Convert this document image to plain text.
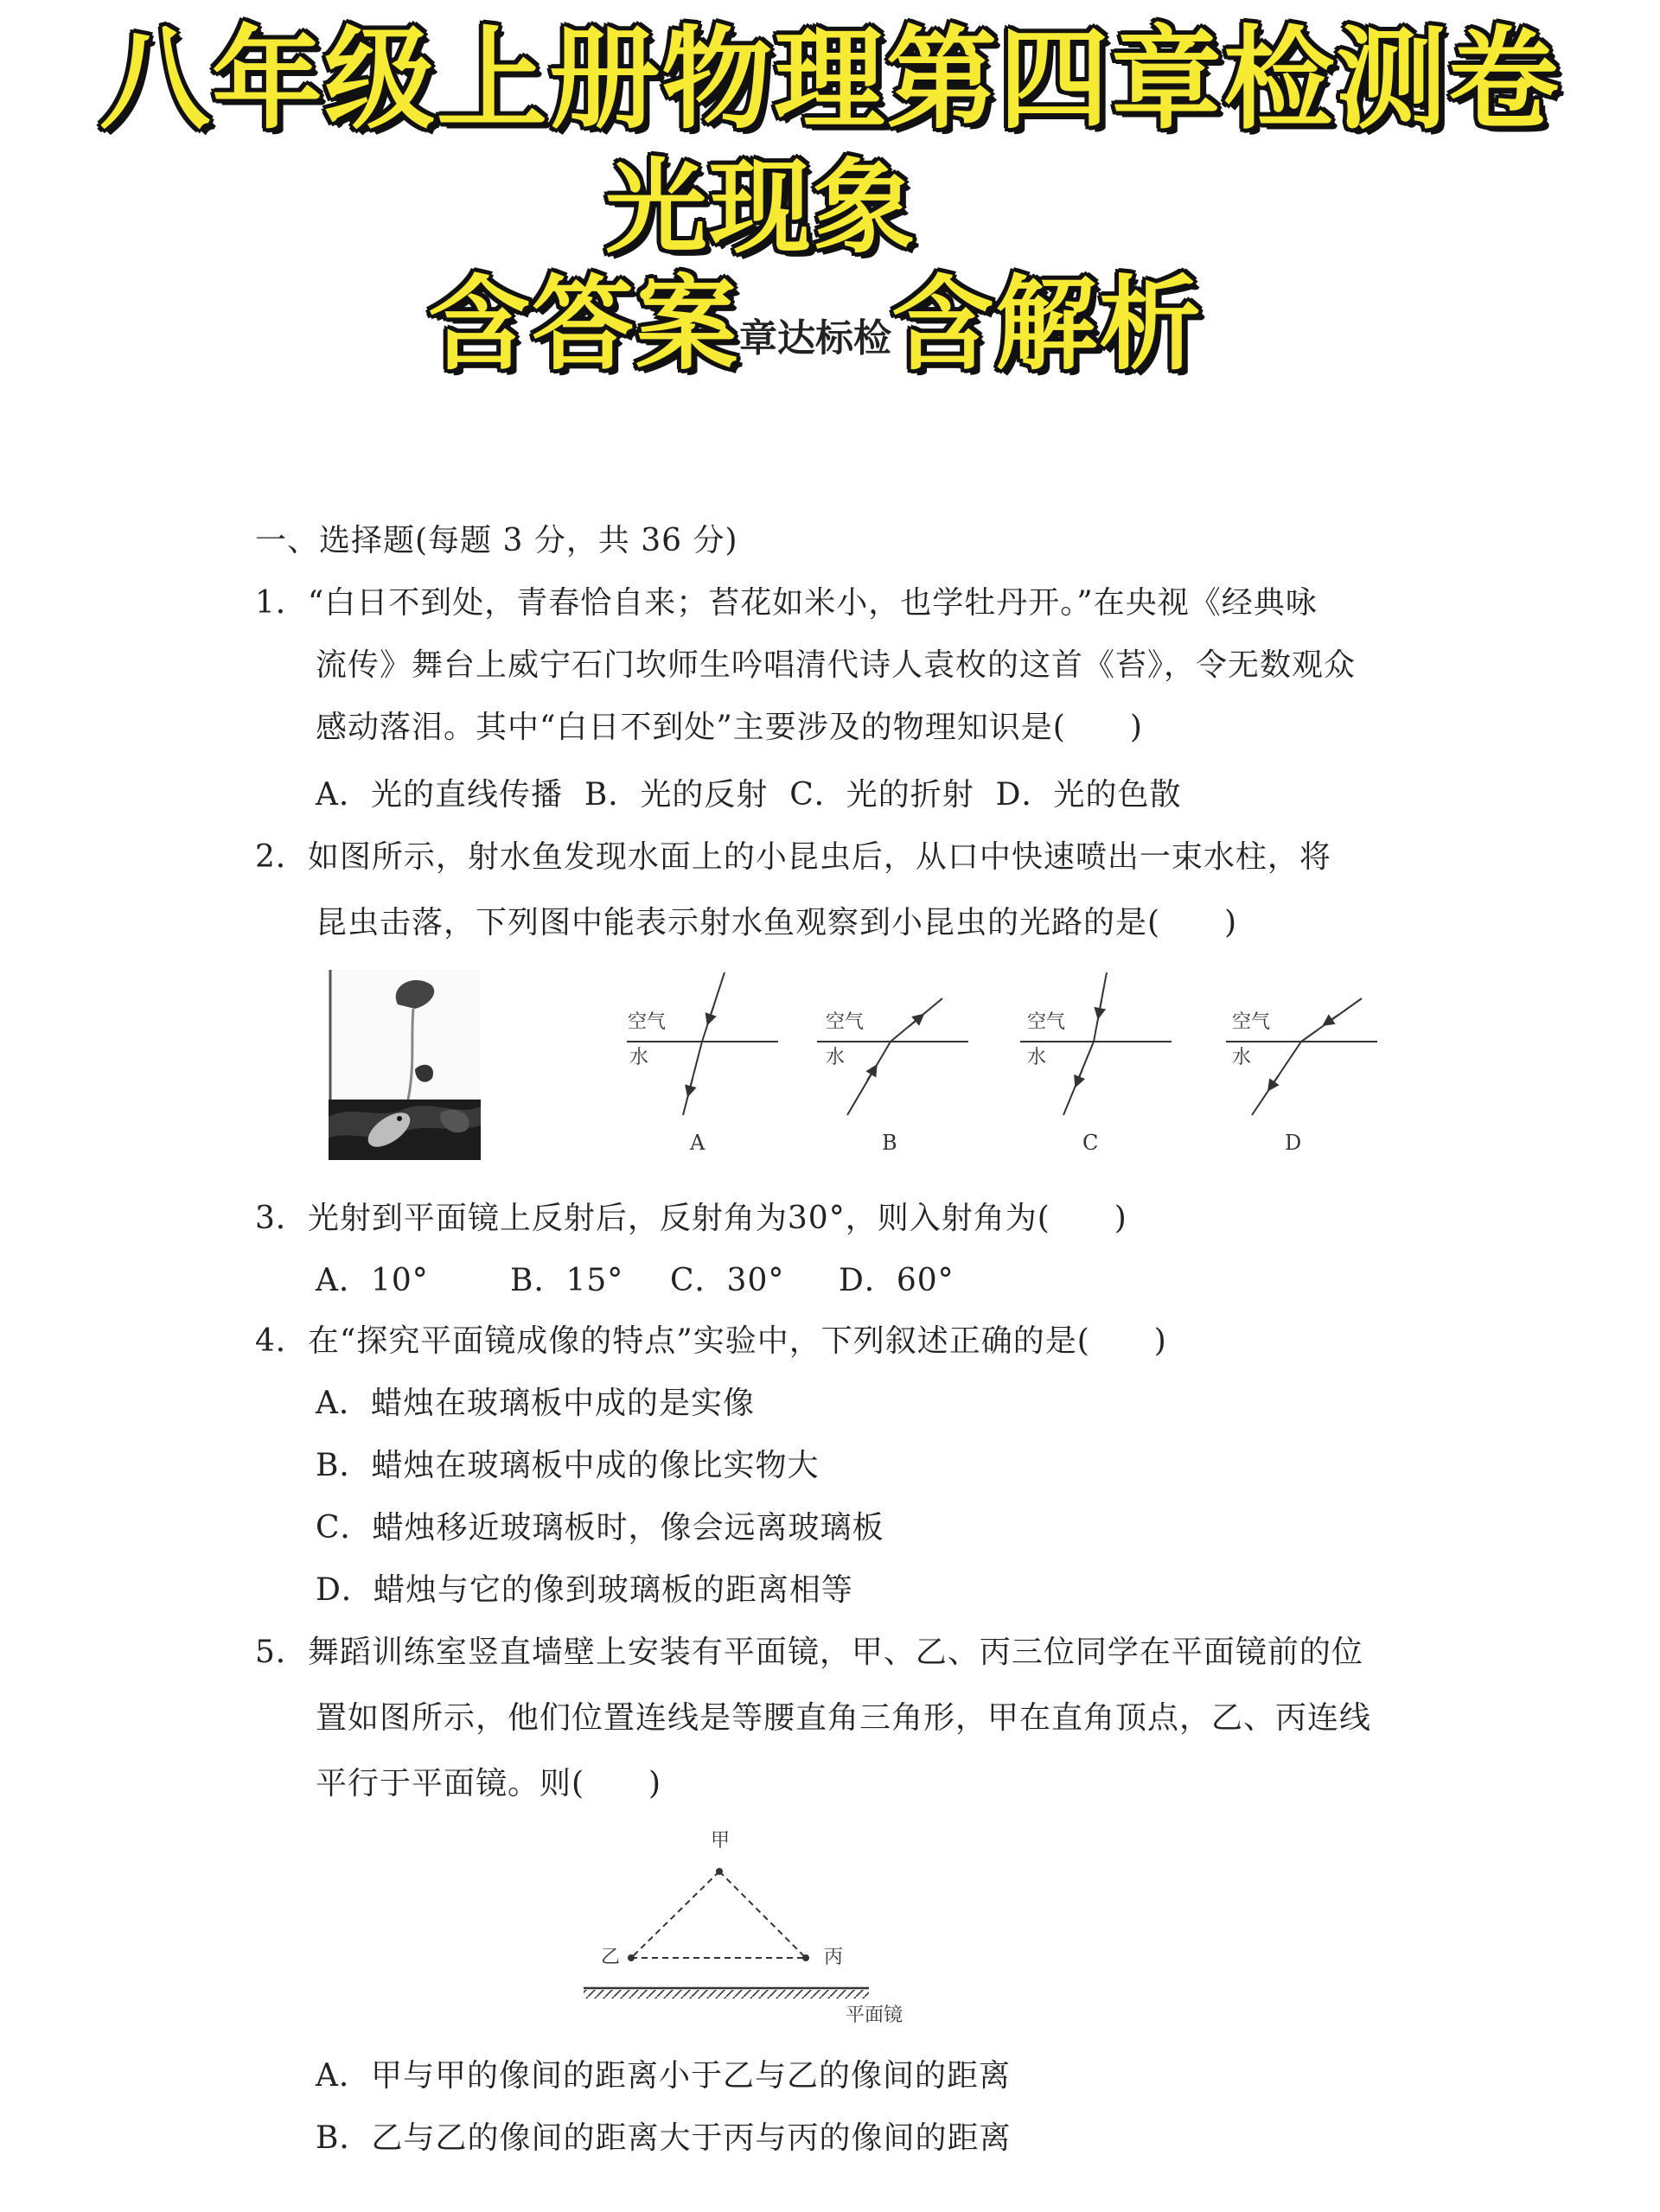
八年级上册物理第四章检测卷
光现象
含答案$^{章达标检}$含解析
一、选择题(每题 3 分，共 36 分)
1．“白日不到处，青春恰自来；苔花如米小，也学牡丹开。”在央视《经典咏
流传》舞台上威宁石门坎师生吟唱清代诗人袁枚的这首《苔》，令无数观众
感动落泪。其中“白日不到处”主要涉及的物理知识是(　　)
A．光的直线传播  B．光的反射  C．光的折射  D．光的色散
2．如图所示，射水鱼发现水面上的小昆虫后，从口中快速喷出一束水柱，将
昆虫击落，下列图中能表示射水鱼观察到小昆虫的光路的是(　　)
空气
水
A
空气
水
B
空气
水
C
空气
水
D
3．光射到平面镜上反射后，反射角为30°，则入射角为(　　)
A．10°	B．15° C．30° D．60°
4．在“探究平面镜成像的特点”实验中，下列叙述正确的是(　　)
A．蜡烛在玻璃板中成的是实像
B．蜡烛在玻璃板中成的像比实物大
C．蜡烛移近玻璃板时，像会远离玻璃板
D．蜡烛与它的像到玻璃板的距离相等
5．舞蹈训练室竖直墙壁上安装有平面镜，甲、乙、丙三位同学在平面镜前的位
置如图所示，他们位置连线是等腰直角三角形，甲在直角顶点，乙、丙连线
平行于平面镜。则(　　)
甲
乙	丙
平面镜
A．甲与甲的像间的距离小于乙与乙的像间的距离
B．乙与乙的像间的距离大于丙与丙的像间的距离
